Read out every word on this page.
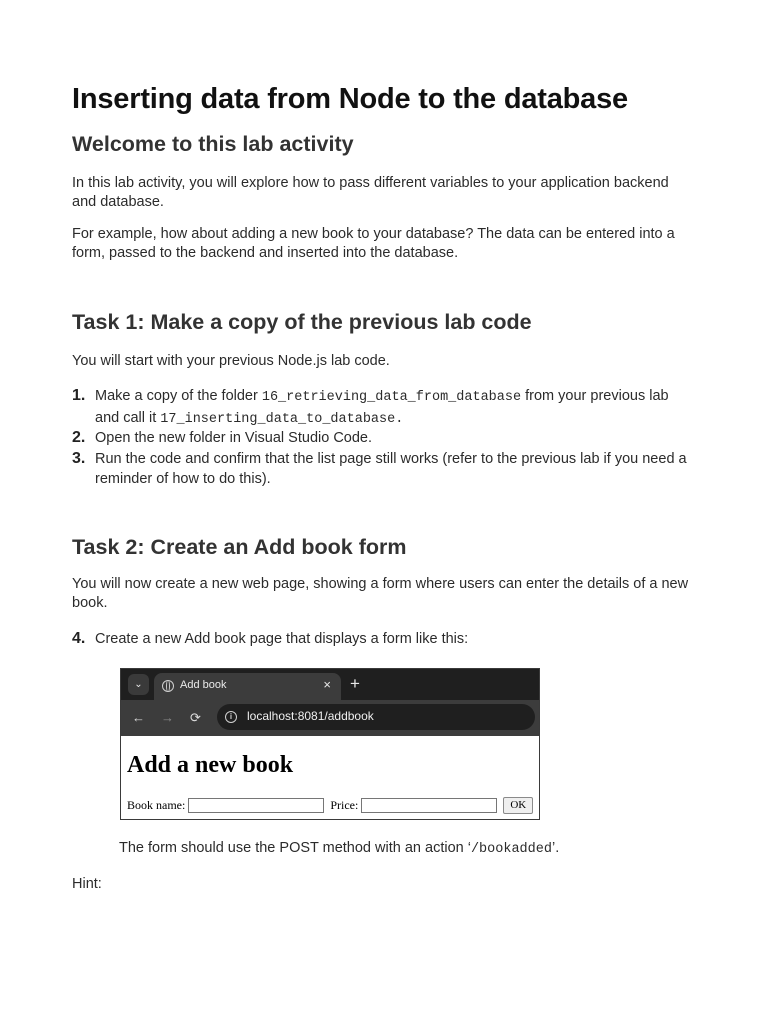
Inserting data from Node to the database
Welcome to this lab activity

In this lab activity, you will explore how to pass different variables to your application backend and database.

For example, how about adding a new book to your database? The data can be entered into a form, passed to the backend and inserted into the database.

Task 1: Make a copy of the previous lab code

You will start with your previous Node.js lab code.

1. Make a copy of the folder 16_retrieving_data_from_database from your previous lab and call it 17_inserting_data_to_database.
2. Open the new folder in Visual Studio Code.
3. Run the code and confirm that the list page still works (refer to the previous lab if you need a reminder of how to do this).
Task 2: Create an Add book form

You will now create a new web page, showing a form where users can enter the details of a new book.

4. Create a new Add book page that displays a form like this:
⌄	Add book	× +
← → ⟳	i	localhost:8081/addbook
Add a new book
Book name:	Price:	OK
The form should use the POST method with an action ‘/bookadded’.
Hint:
